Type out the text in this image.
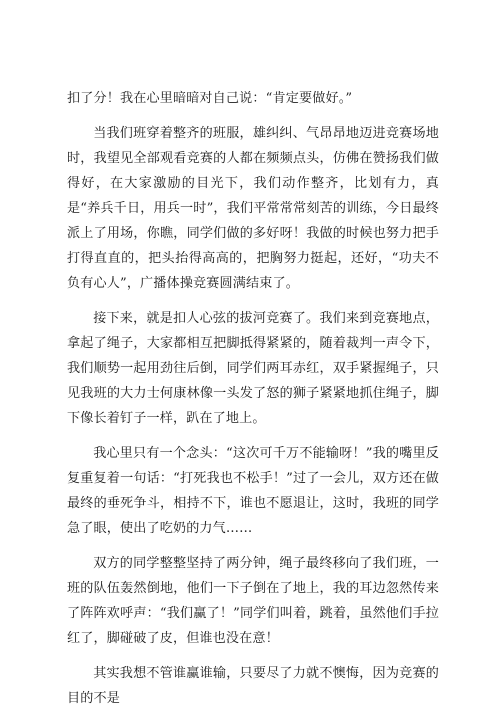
扣了分！我在心里暗暗对自己说：“肯定要做好。”

当我们班穿着整齐的班服，雄纠纠、气昂昂地迈进竞赛场地时，我望见全部观看竞赛的人都在频频点头，仿佛在赞扬我们做得好，在大家激励的目光下，我们动作整齐，比划有力，真是“养兵千日，用兵一时”，我们平常常常刻苦的训练，今日最终派上了用场，你瞧，同学们做的多好呀！我做的时候也努力把手打得直直的，把头抬得高高的，把胸努力挺起，还好，“功夫不负有心人”，广播体操竞赛圆满结束了。

接下来，就是扣人心弦的拔河竞赛了。我们来到竞赛地点，拿起了绳子，大家都相互把脚抵得紧紧的，随着裁判一声令下，我们顺势一起用劲往后倒，同学们两耳赤红，双手紧握绳子，只见我班的大力士何康林像一头发了怒的狮子紧紧地抓住绳子，脚下像长着钉子一样，趴在了地上。

我心里只有一个念头：“这次可千万不能输呀！”我的嘴里反复重复着一句话：“打死我也不松手！”过了一会儿，双方还在做最终的垂死争斗，相持不下，谁也不愿退让，这时，我班的同学急了眼，使出了吃奶的力气……

双方的同学整整坚持了两分钟，绳子最终移向了我们班，一班的队伍轰然倒地，他们一下子倒在了地上，我的耳边忽然传来了阵阵欢呼声：“我们赢了！”同学们叫着，跳着，虽然他们手拉红了，脚碰破了皮，但谁也没在意！

其实我想不管谁赢谁输，只要尽了力就不懊悔，因为竞赛的目的不是
